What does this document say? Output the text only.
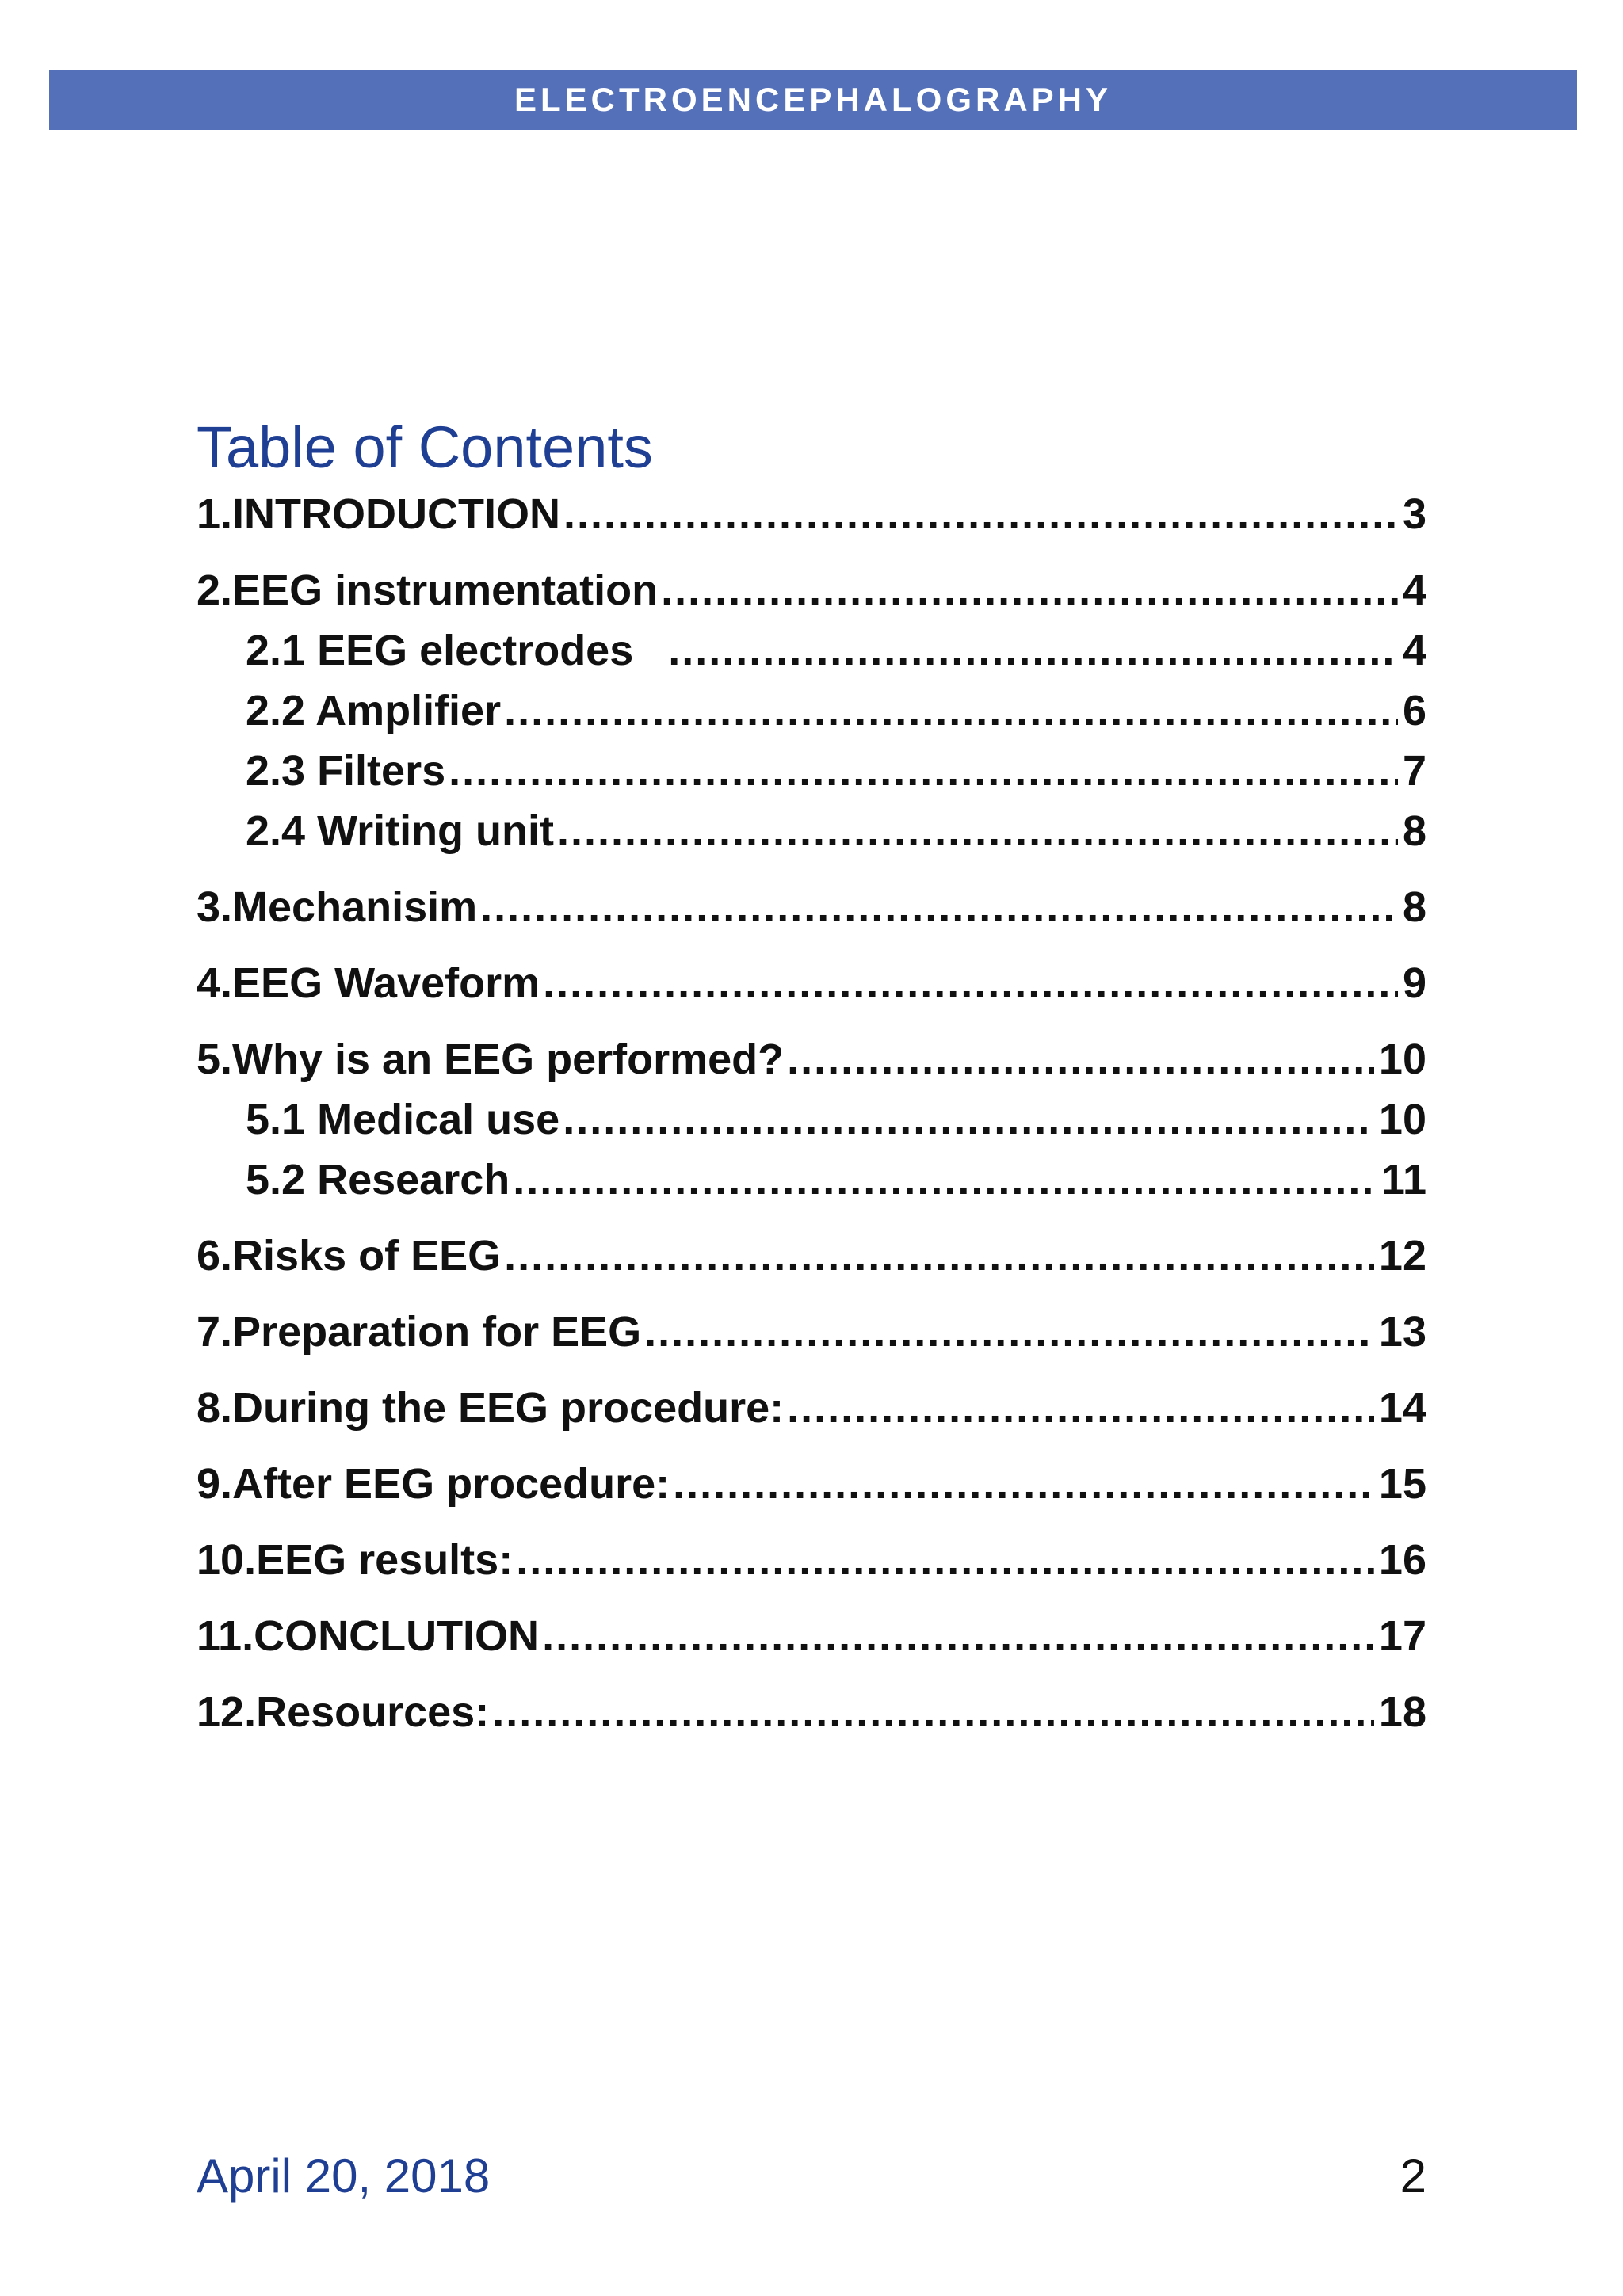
ELECTROENCEPHALOGRAPHY
Table of Contents
1.INTRODUCTION .....	3
2.EEG instrumentation .....	4
2.1 EEG electrodes .....	4
2.2 Amplifier .....	6
2.3 Filters .....	7
2.4 Writing unit .....	8
3.Mechanisim .....	8
4.EEG Waveform .....	9
5.Why is an EEG performed? .....	10
5.1 Medical use .....	10
5.2 Research .....	11
6.Risks of EEG .....	12
7.Preparation for EEG .....	13
8.During the EEG procedure: .....	14
9.After EEG procedure: .....	15
10.EEG results: .....	16
11.CONCLUTION .....	17
12.Resources: .....	18
April 20, 2018	2
